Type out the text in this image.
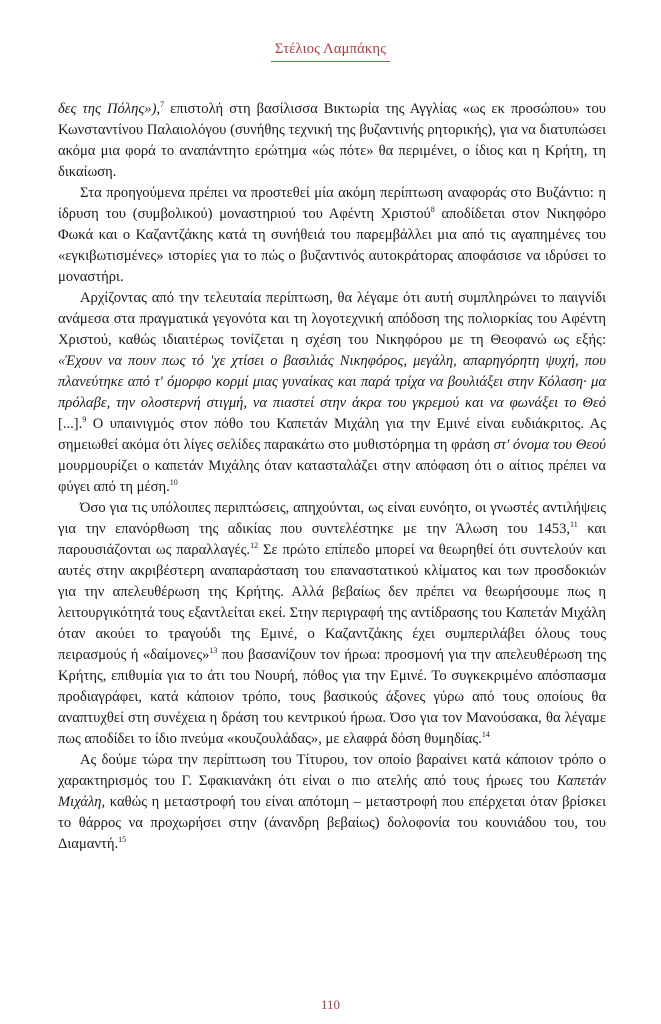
Στέλιος Λαμπάκης

δες της Πόλης»),$^7$ επιστολή στη βασίλισσα Βικτωρία της Αγγλίας «ως εκ προσώπου» του Κωνσταντίνου Παλαιολόγου (συνήθης τεχνική της βυζαντινής ρητορικής), για να διατυπώσει ακόμα μια φορά το αναπάντητο ερώτημα «ώς πότε» θα περιμένει, ο ίδιος και η Κρήτη, τη δικαίωση.

Στα προηγούμενα πρέπει να προστεθεί μία ακόμη περίπτωση αναφοράς στο Βυζάντιο: η ίδρυση του (συμβολικού) μοναστηριού του Αφέντη Χριστού$^8$ αποδίδεται στον Νικηφόρο Φωκά και ο Καζαντζάκης κατά τη συνήθειά του παρεμβάλλει μια από τις αγαπημένες του «εγκιβωτισμένες» ιστορίες για το πώς ο βυζαντινός αυτοκράτορας αποφάσισε να ιδρύσει το μοναστήρι.

Αρχίζοντας από την τελευταία περίπτωση, θα λέγαμε ότι αυτή συμπληρώνει το παιγνίδι ανάμεσα στα πραγματικά γεγονότα και τη λογοτεχνική απόδοση της πολιορκίας του Αφέντη Χριστού, καθώς ιδιαιτέρως τονίζεται η σχέση του Νικηφόρου με τη Θεοφανώ ως εξής: «Έχουν να πουν πως τό 'χε χτίσει ο βασιλιάς Νικηφόρος, μεγάλη, απαρηγόρητη ψυχή, που πλανεύτηκε από τ' όμορφο κορμί μιας γυναίκας και παρά τρίχα να βουλιάξει στην Κόλαση· μα πρόλαβε, την ολοστερνή στιγμή, να πιαστεί στην άκρα του γκρεμού και να φωνάξει το Θεό [...].$^9$ Ο υπαινιγμός στον πόθο του Καπετάν Μιχάλη για την Εμινέ είναι ευδιάκριτος. Ας σημειωθεί ακόμα ότι λίγες σελίδες παρακάτω στο μυθιστόρημα τη φράση στ' όνομα του Θεού μουρμουρίζει ο καπετάν Μιχάλης όταν κατασταλάζει στην απόφαση ότι ο αίτιος πρέπει να φύγει από τη μέση.$^{10}$

Όσο για τις υπόλοιπες περιπτώσεις, απηχούνται, ως είναι ευνόητο, οι γνωστές αντιλήψεις για την επανόρθωση της αδικίας που συντελέστηκε με την Άλωση του 1453,11 και παρουσιάζονται ως παραλλαγές.$^{12}$ Σε πρώτο επίπεδο μπορεί να θεωρηθεί ότι συντελούν και αυτές στην ακριβέστερη αναπαράσταση του επαναστατικού κλίματος και των προσδοκιών για την απελευθέρωση της Κρήτης. Αλλά βεβαίως δεν πρέπει να θεωρήσουμε πως η λειτουργικότητά τους εξαντλείται εκεί. Στην περιγραφή της αντίδρασης του Καπετάν Μιχάλη όταν ακούει το τραγούδι της Εμινέ, ο Καζαντζάκης έχει συμπεριλάβει όλους τους πειρασμούς ή «δαίμονες»$^{13}$ που βασανίζουν τον ήρωα: προσμονή για την απελευθέρωση της Κρήτης, επιθυμία για το άτι του Νουρή, πόθος για την Εμινέ. Το συγκεκριμένο απόσπασμα προδιαγράφει, κατά κάποιον τρόπο, τους βασικούς άξονες γύρω από τους οποίους θα αναπτυχθεί στη συνέχεια η δράση του κεντρικού ήρωα. Όσο για τον Μανούσακα, θα λέγαμε πως αποδίδει το ίδιο πνεύμα «κουζουλάδας», με ελαφρά δόση θυμηδίας.$^{14}$

Ας δούμε τώρα την περίπτωση του Τίτυρου, τον οποίο βαραίνει κατά κάποιον τρόπο ο χαρακτηρισμός του Γ. Σφακιανάκη ότι είναι ο πιο ατελής από τους ήρωες του Καπετάν Μιχάλη, καθώς η μεταστροφή του είναι απότομη – μεταστροφή που επέρχεται όταν βρίσκει το θάρρος να προχωρήσει στην (άνανδρη βεβαίως) δολοφονία του κουνιάδου του, του Διαμαντή.$^{15}$

110
